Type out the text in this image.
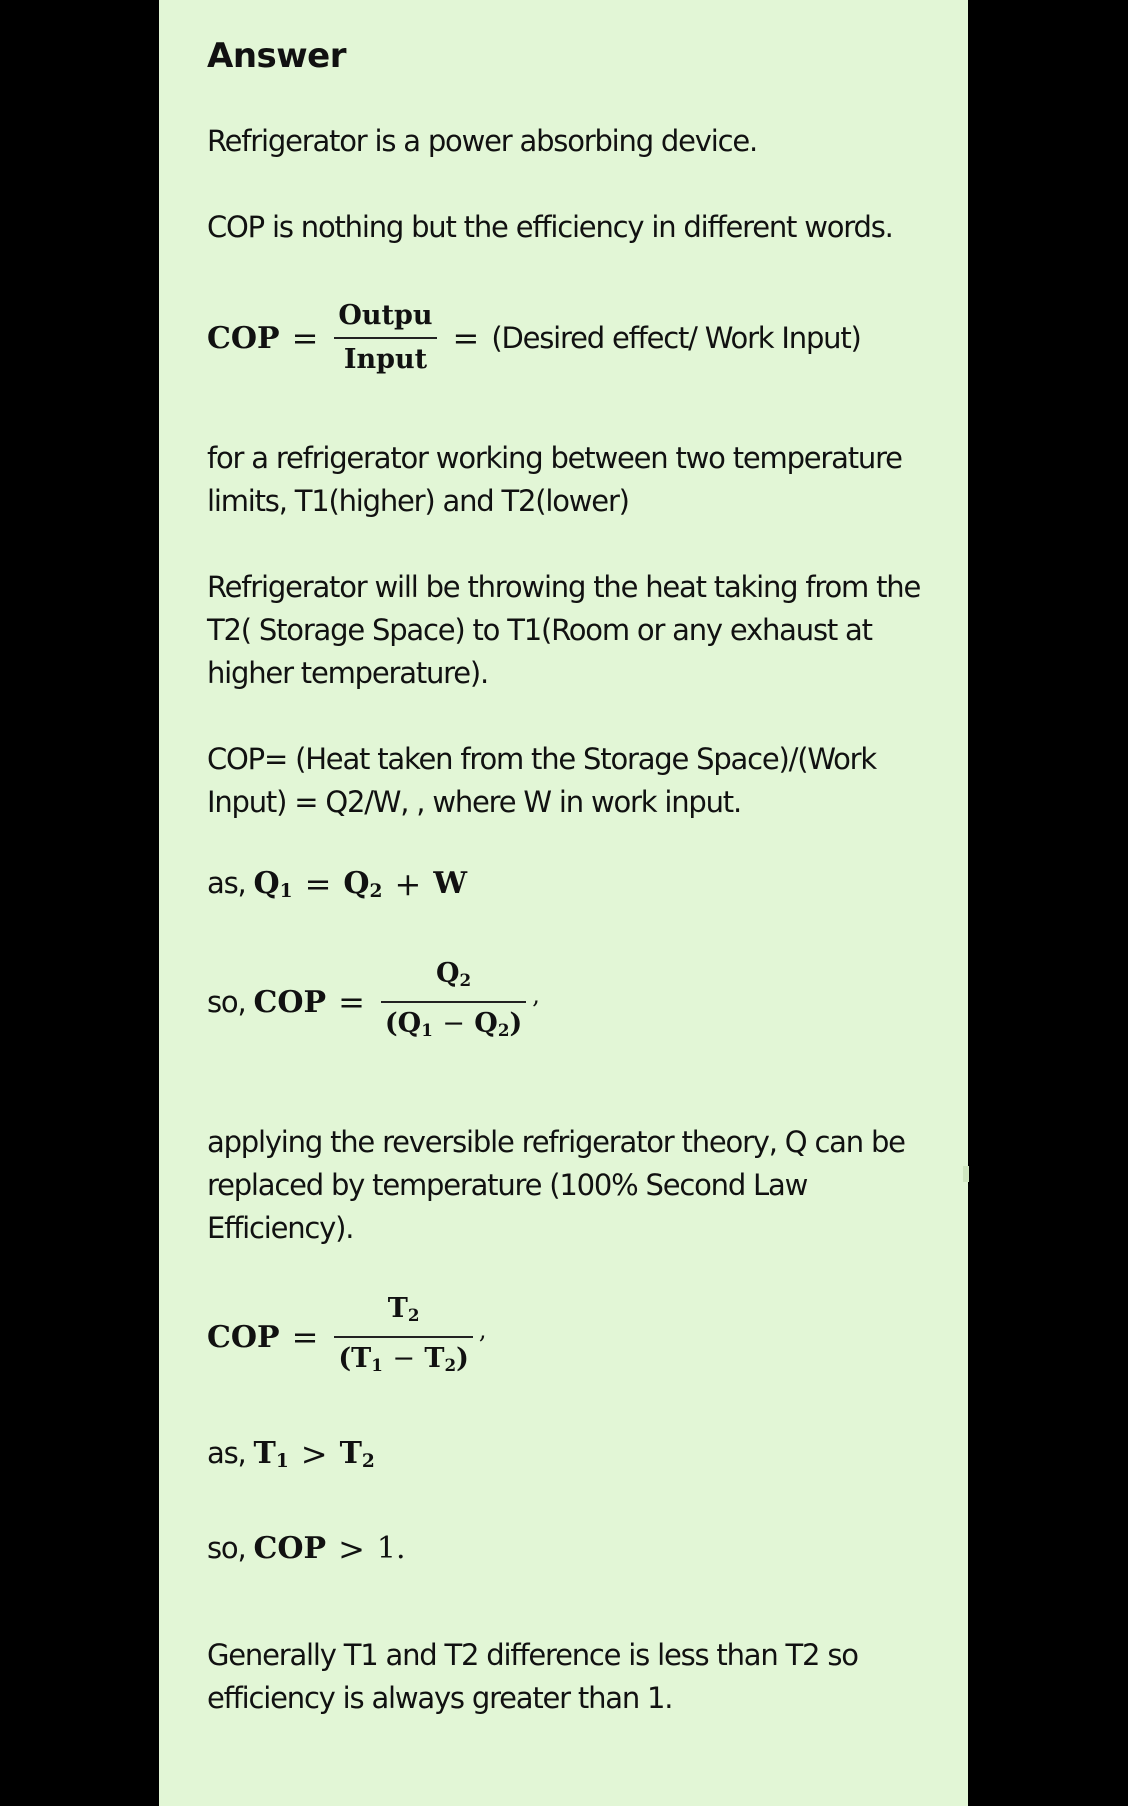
Answer

Refrigerator is a power absorbing device.

COP is nothing but the efficiency in different words.

COP = $\frac{\text{Outpu}}{\text{Input}}$ = (Desired effect/ Work Input)

for a refrigerator working between two temperature limits, T1(higher) and T2(lower)

Refrigerator will be throwing the heat taking from the T2( Storage Space) to T1(Room or any exhaust at higher temperature).

COP= (Heat taken from the Storage Space)/(Work Input) = Q2/W, , where W in work input.

as, $Q_1 = Q_2 + W$
so, COP = $\frac{Q_2}{(Q_1 - Q_2)}$ ,

applying the reversible refrigerator theory, Q can be replaced by temperature (100% Second Law Efficiency).

COP = $\frac{T_2}{(T_1 - T_2)}$ ,
as, $T_1 > T_2$
so, COP > 1 .

Generally T1 and T2 difference is less than T2 so efficiency is always greater than 1.
